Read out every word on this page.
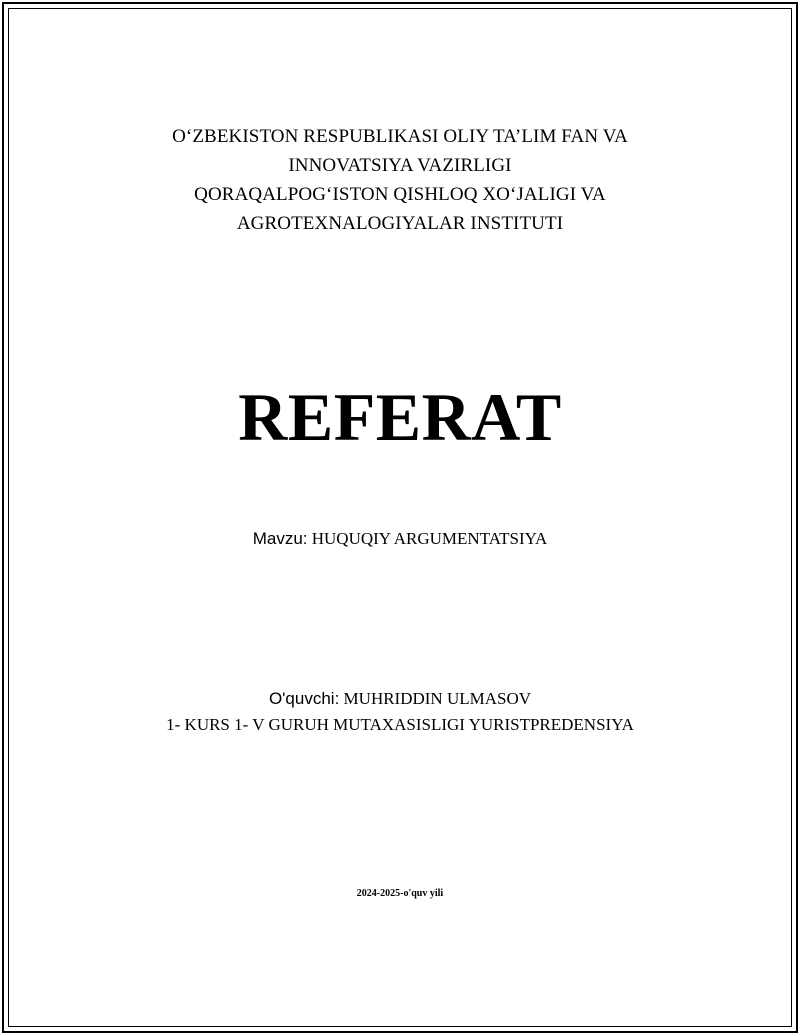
O‘ZBEKISTON RESPUBLIKASI OLIY TA’LIM FAN VA
INNOVATSIYA VAZIRLIGI
QORAQALPOG‘ISTON QISHLOQ XO‘JALIGI VA
AGROTEXNALOGIYALAR INSTITUTI
REFERAT
Mavzu: HUQUQIY ARGUMENTATSIYA
O'quvchi: MUHRIDDIN ULMASOV
1- KURS 1- V GURUH MUTAXASISLIGI YURISTPREDENSIYA
2024-2025-o'quv yili
